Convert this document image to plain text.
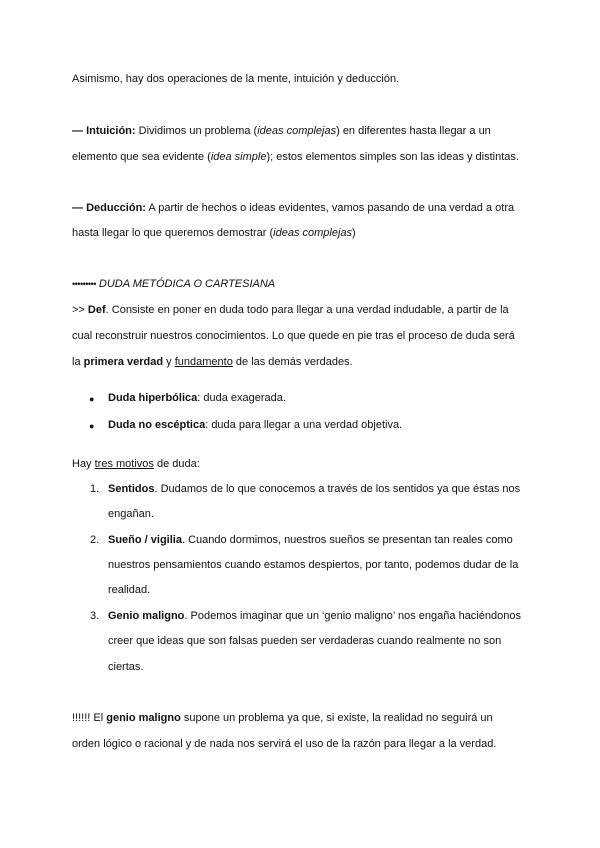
Asimismo, hay dos operaciones de la mente, intuición y deducción.
— Intuición: Dividimos un problema (ideas complejas) en diferentes hasta llegar a un
elemento que sea evidente (idea simple); estos elementos simples son las ideas y distintas.
— Deducción: A partir de hechos o ideas evidentes, vamos pasando de una verdad a otra
hasta llegar lo que queremos demostrar (ideas complejas)
••••••••• DUDA METÓDICA O CARTESIANA
>> Def. Consiste en poner en duda todo para llegar a una verdad indudable, a partir de la
cual reconstruir nuestros conocimientos. Lo que quede en pie tras el proceso de duda será
la primera verdad y fundamento de las demás verdades.
● Duda hiperbólica: duda exagerada.
● Duda no escéptica: duda para llegar a una verdad objetiva.
Hay tres motivos de duda:
1. Sentidos. Dudamos de lo que conocemos a través de los sentidos ya que éstas nos
engañan.
2. Sueño / vigilia. Cuando dormimos, nuestros sueños se presentan tan reales como
nuestros pensamientos cuando estamos despiertos, por tanto, podemos dudar de la
realidad.
3. Genio maligno. Podemos imaginar que un ‘genio maligno’ nos engaña haciéndonos
creer que ideas que son falsas pueden ser verdaderas cuando realmente no son
ciertas.
!!!!!! El genio maligno supone un problema ya que, si existe, la realidad no seguirá un
orden lógico o racional y de nada nos servirá el uso de la razón para llegar a la verdad.
